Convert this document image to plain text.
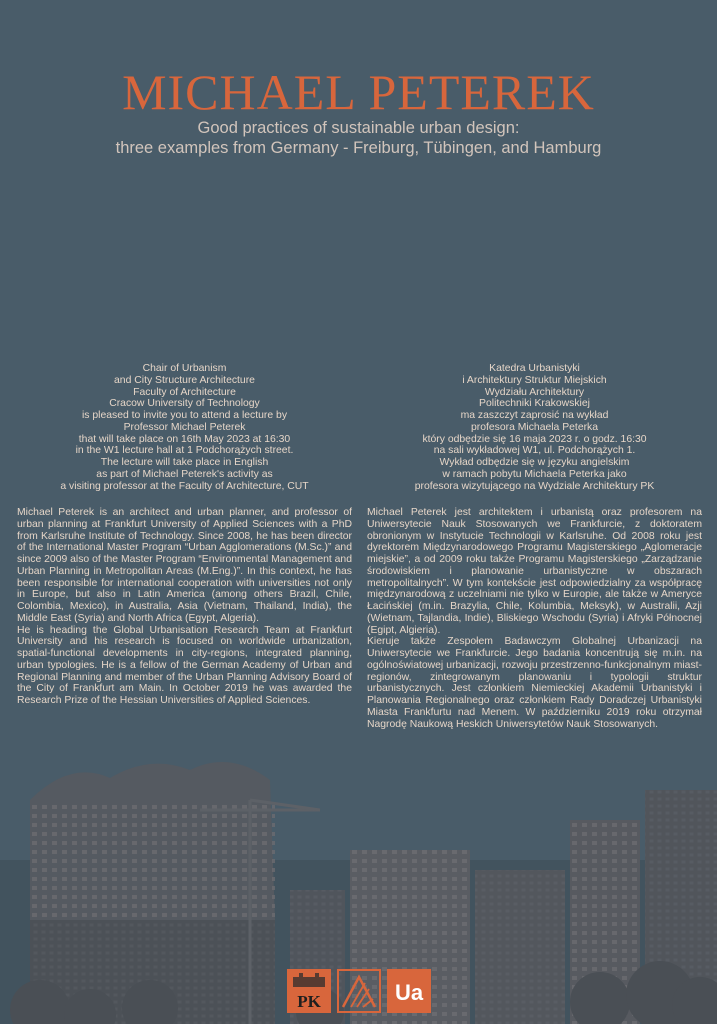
MICHAEL PETEREK
Good practices of sustainable urban design:
three examples from Germany - Freiburg, Tübingen, and Hamburg
Chair of Urbanism
and City Structure Architecture
Faculty of Architecture
Cracow University of Technology
is pleased to invite you to attend a lecture by
Professor Michael Peterek
that will take place on 16th May 2023 at 16:30
in the W1 lecture hall at 1 Podchorążych street.
The lecture will take place in English
as part of Michael Peterek's activity as
a visiting professor at the Faculty of Architecture, CUT

Michael Peterek is an architect and urban planner, and professor of urban planning at Frankfurt University of Applied Sciences with a PhD from Karlsruhe Institute of Technology. Since 2008, he has been director of the International Master Program “Urban Agglomerations (M.Sc.)” and since 2009 also of the Master Program “Environmental Management and Urban Planning in Metropolitan Areas (M.Eng.)”. In this context, he has been responsible for international cooperation with universities not only in Europe, but also in Latin America (among others Brazil, Chile, Colombia, Mexico), in Australia, Asia (Vietnam, Thailand, India), the Middle East (Syria) and North Africa (Egypt, Algeria).

He is heading the Global Urbanisation Research Team at Frankfurt University and his research is focused on worldwide urbanization, spatial-functional developments in city-regions, integrated planning, urban typologies. He is a fellow of the German Academy of Urban and Regional Planning and member of the Urban Planning Advisory Board of the City of Frankfurt am Main. In October 2019 he was awarded the Research Prize of the Hessian Universities of Applied Sciences.

Katedra Urbanistyki
i Architektury Struktur Miejskich
Wydziału Architektury
Politechniki Krakowskiej
ma zaszczyt zaprosić na wykład
profesora Michaela Peterka
który odbędzie się 16 maja 2023 r. o godz. 16:30
na sali wykładowej W1, ul. Podchorążych 1.
Wykład odbędzie się w języku angielskim
w ramach pobytu Michaela Peterka jako
profesora wizytującego na Wydziale Architektury PK

Michael Peterek jest architektem i urbanistą oraz profesorem na Uniwersytecie Nauk Stosowanych we Frankfurcie, z doktoratem obronionym w Instytucie Technologii w Karlsruhe. Od 2008 roku jest dyrektorem Międzynarodowego Programu Magisterskiego „Aglomeracje miejskie”, a od 2009 roku także Programu Magisterskiego „Zarządzanie środowiskiem i planowanie urbanistyczne w obszarach metropolitalnych”. W tym kontekście jest odpowiedzialny za współpracę międzynarodową z uczelniami nie tylko w Europie, ale także w Ameryce Łacińskiej (m.in. Brazylia, Chile, Kolumbia, Meksyk), w Australii, Azji (Wietnam, Tajlandia, Indie), Bliskiego Wschodu (Syria) i Afryki Północnej (Egipt, Algieria).

Kieruje także Zespołem Badawczym Globalnej Urbanizacji na Uniwersytecie we Frankfurcie. Jego badania koncentrują się m.in. na ogólnoświatowej urbanizacji, rozwoju przestrzenno-funkcjonalnym miast-regionów, zintegrowanym planowaniu i typologii struktur urbanistycznych. Jest członkiem Niemieckiej Akademii Urbanistyki i Planowania Regionalnego oraz członkiem Rady Doradczej Urbanistyki Miasta Frankfurtu nad Menem. W październiku 2019 roku otrzymał Nagrodę Naukową Heskich Uniwersytetów Nauk Stosowanych.

PK	Ua
